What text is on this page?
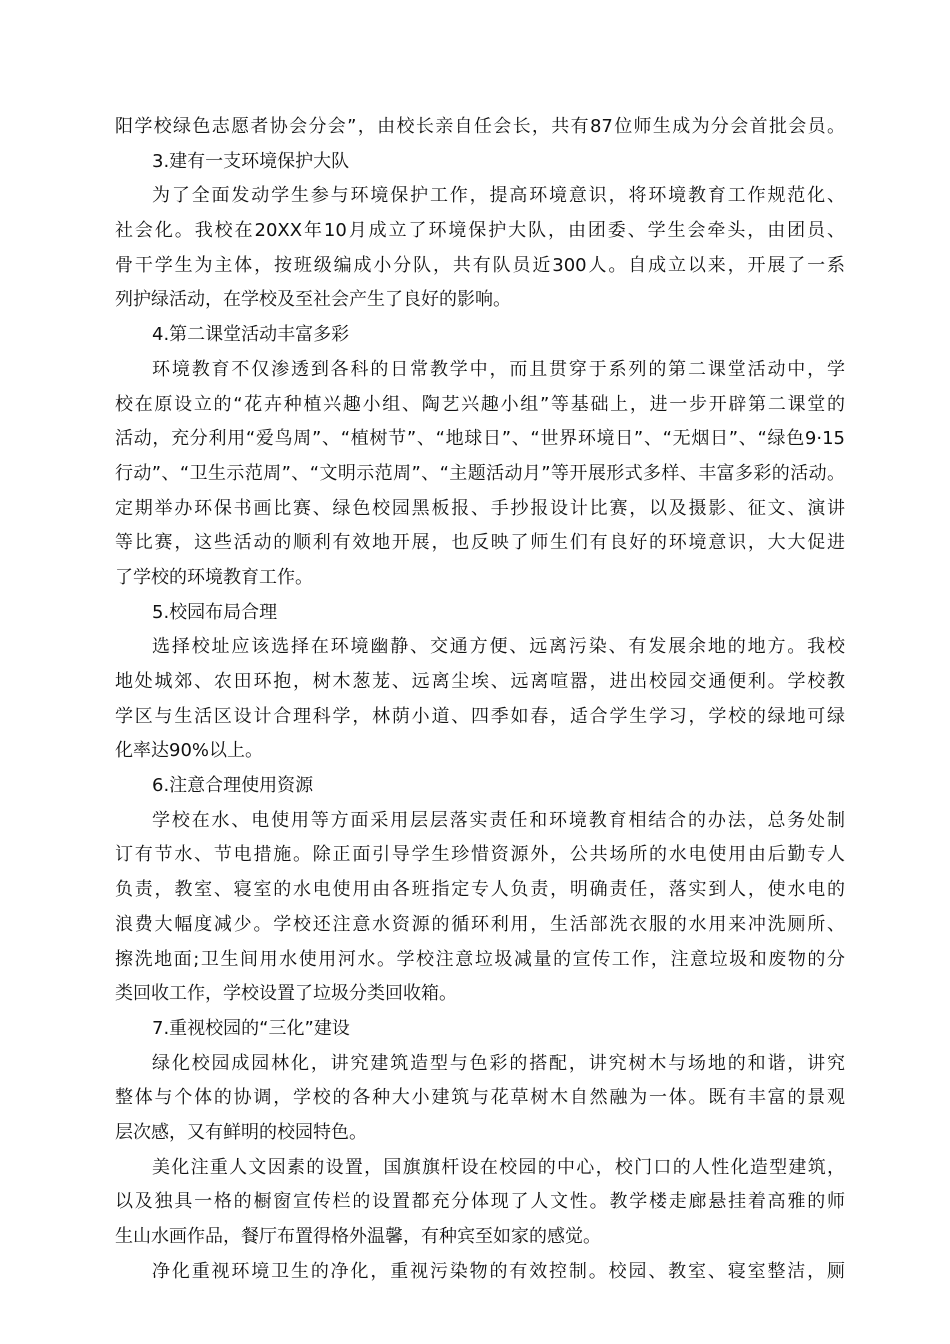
阳学校绿色志愿者协会分会”，由校长亲自任会长，共有87位师生成为分会首批会员。
3.建有一支环境保护大队
为了全面发动学生参与环境保护工作，提高环境意识，将环境教育工作规范化、
社会化。我校在20XX年10月成立了环境保护大队，由团委、学生会牵头，由团员、
骨干学生为主体，按班级编成小分队，共有队员近300人。自成立以来，开展了一系
列护绿活动，在学校及至社会产生了良好的影响。
4.第二课堂活动丰富多彩
环境教育不仅渗透到各科的日常教学中，而且贯穿于系列的第二课堂活动中，学
校在原设立的“花卉种植兴趣小组、陶艺兴趣小组”等基础上，进一步开辟第二课堂的
活动，充分利用“爱鸟周”、“植树节”、“地球日”、“世界环境日”、“无烟日”、“绿色9·15
行动”、“卫生示范周”、“文明示范周”、“主题活动月”等开展形式多样、丰富多彩的活动。
定期举办环保书画比赛、绿色校园黑板报、手抄报设计比赛，以及摄影、征文、演讲
等比赛，这些活动的顺利有效地开展，也反映了师生们有良好的环境意识，大大促进
了学校的环境教育工作。
5.校园布局合理
选择校址应该选择在环境幽静、交通方便、远离污染、有发展余地的地方。我校
地处城郊、农田环抱，树木葱茏、远离尘埃、远离喧嚣，进出校园交通便利。学校教
学区与生活区设计合理科学，林荫小道、四季如春，适合学生学习，学校的绿地可绿
化率达90%以上。
6.注意合理使用资源
学校在水、电使用等方面采用层层落实责任和环境教育相结合的办法，总务处制
订有节水、节电措施。除正面引导学生珍惜资源外，公共场所的水电使用由后勤专人
负责，教室、寝室的水电使用由各班指定专人负责，明确责任，落实到人，使水电的
浪费大幅度减少。学校还注意水资源的循环利用，生活部洗衣服的水用来冲洗厕所、
擦洗地面;卫生间用水使用河水。学校注意垃圾减量的宣传工作，注意垃圾和废物的分
类回收工作，学校设置了垃圾分类回收箱。
7.重视校园的“三化”建设
绿化校园成园林化，讲究建筑造型与色彩的搭配，讲究树木与场地的和谐，讲究
整体与个体的协调，学校的各种大小建筑与花草树木自然融为一体。既有丰富的景观
层次感，又有鲜明的校园特色。
美化注重人文因素的设置，国旗旗杆设在校园的中心，校门口的人性化造型建筑，
以及独具一格的橱窗宣传栏的设置都充分体现了人文性。教学楼走廊悬挂着高雅的师
生山水画作品，餐厅布置得格外温馨，有种宾至如家的感觉。
净化重视环境卫生的净化，重视污染物的有效控制。校园、教室、寝室整洁，厕
